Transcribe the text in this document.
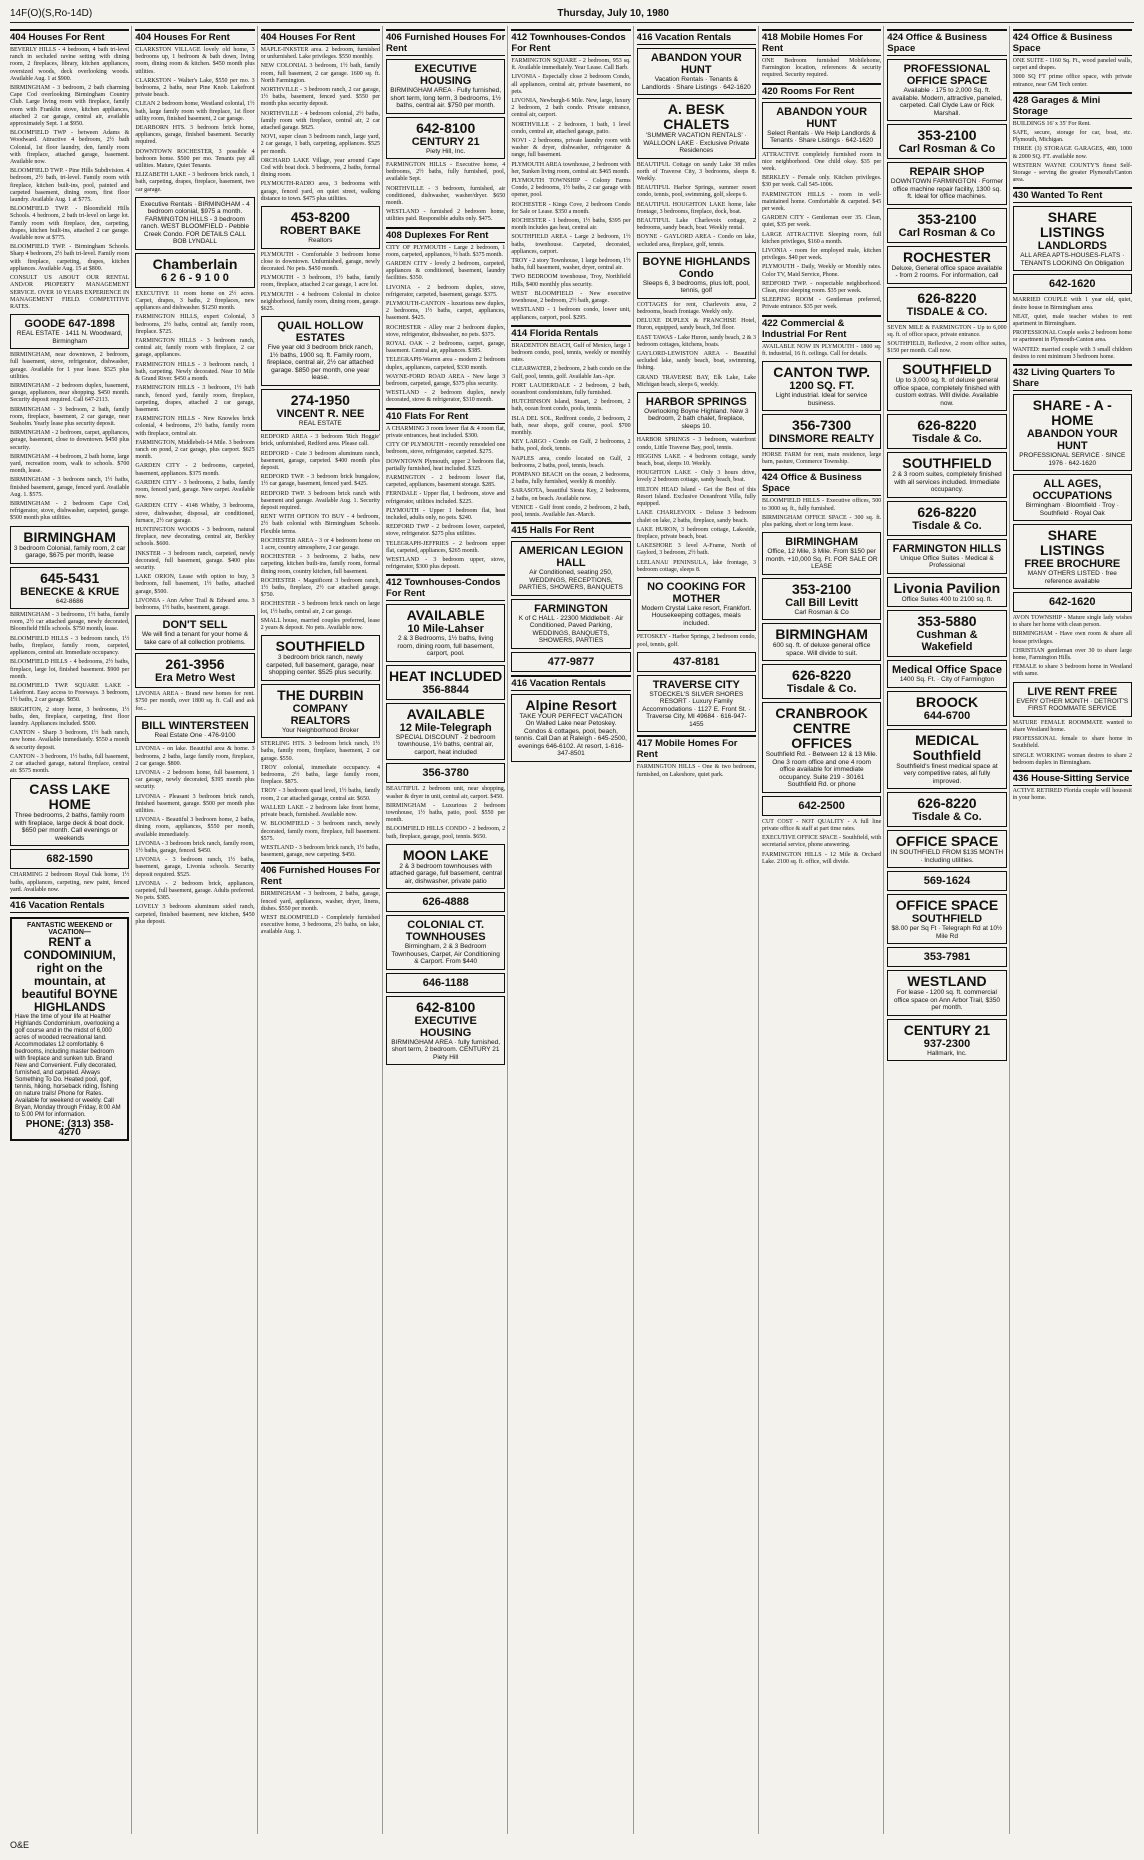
14F(O)(S,Ro-14D)	Thursday, July 10, 1980
404 Houses For Rent
BEVERLY HILLS - 4 bedroom, 4 bath tri-level ranch in secluded ravine setting with dining room, 2 fireplaces, library, kitchen appliances, oversized woods, deck overlooking woods. Available Aug. 1 at $900.
BIRMINGHAM - 3 bedroom, 2 bath charming Cape Cod overlooking Birmingham Country Club. Large living room with fireplace, family room with Franklin stove, kitchen appliances, attached 2 car garage, central air, available approximately Sept. 1 at $950.
BLOOMFIELD TWP - between Adams & Woodward. Attractive 4 bedroom, 2½ bath Colonial, 1st floor laundry, den, family room with fireplace, attached garage, basement. Available now.
BLOOMFIELD TWP. - Pine Hills Subdivision. 4 bedroom, 2½ bath, tri-level. Family room with fireplace, kitchen built-ins, pool, painted and carpeted basement, dining room, first floor laundry. Available Aug. 1 at $775.
BLOOMFIELD TWP. - Bloomfield Hills Schools. 4 bedroom, 2 bath tri-level on large lot. Family room with fireplace, den, carpeting, drapes, kitchen built-ins, attached 2 car garage. Available now at $775.
BLOOMFIELD TWP. - Birmingham Schools. Sharp 4 bedroom, 2½ bath tri-level. Family room with fireplace, carpeting, drapes, kitchen appliances. Available Aug. 15 at $800.
CONSULT US ABOUT OUR RENTAL AND/OR PROPERTY MANAGEMENT SERVICE. OVER 10 YEARS EXPERIENCE IN MANAGEMENT FIELD. COMPETITIVE RATES.
GOODE 647-1898
REAL ESTATE · 1411 N. Woodward, Birmingham
BIRMINGHAM, near downtown, 2 bedroom, full basement, stove, refrigerator, dishwasher, garage. Available for 1 year lease. $525 plus utilities.
BIRMINGHAM - 2 bedroom duplex, basement, garage, appliances, near shopping. $450 month. Security deposit required. Call 647-2113.
BIRMINGHAM - 3 bedroom, 2 bath, family room, fireplace, basement, 2 car garage, near Seaholm. Yearly lease plus security deposit.
BIRMINGHAM - 2 bedroom, carpet, appliances, garage, basement, close to downtown. $450 plus security.
BIRMINGHAM - 4 bedroom, 2 bath home, large yard, recreation room, walk to schools. $700 month, lease.
BIRMINGHAM - 3 bedroom ranch, 1½ baths, finished basement, garage, fenced yard. Available Aug. 1. $575.
BIRMINGHAM - 2 bedroom Cape Cod, refrigerator, stove, dishwasher, carpeted, garage. $500 month plus utilities.
BIRMINGHAM
3 bedroom Colonial, family room, 2 car garage, $675 per month, lease
645-5431
BENECKE & KRUE
642-8686
BIRMINGHAM - 3 bedrooms, 1½ baths, family room, 2½ car attached garage, newly decorated, Bloomfield Hills schools. $750 month, lease.
BLOOMFIELD HILLS - 3 bedroom ranch, 1½ baths, fireplace, family room, carpeted, appliances, central air. Immediate occupancy.
BLOOMFIELD HILLS - 4 bedrooms, 2½ baths, fireplace, large lot, finished basement. $900 per month.
BLOOMFIELD TWP. SQUARE LAKE - Lakefront. Easy access to Freeways. 3 bedroom, 1½ baths, 2 car garage. $850.
BRIGHTON, 2 story home, 3 bedrooms, 1½ baths, den, fireplace, carpeting, first floor laundry. Appliances included. $500.
CANTON - Sharp 3 bedroom, 1½ bath ranch, new home. Available immediately. $550 a month & security deposit.
CANTON - 3 bedroom, 1½ baths, full basement, 2 car attached garage, natural fireplace, central air. $575 month.
CASS LAKE HOME
Three bedrooms, 2 baths, family room with fireplace, large deck & boat dock. $650 per month. Call evenings or weekends
682-1590
CHARMING 2 bedroom Royal Oak home, 1½ baths, appliances, carpeting, new paint, fenced yard. Available now.
416 Vacation Rentals
FANTASTIC WEEKEND or VACATION—
RENT a CONDOMINIUM, right on the mountain, at beautiful BOYNE HIGHLANDS
Have the time of your life at Heather Highlands Condominium, overlooking a golf course and in the midst of 6,000 acres of wooded recreational land. Accommodates 12 comfortably. 6 bedrooms, including master bedroom with fireplace and sunken tub. Brand New and Convenient. Fully decorated, furnished, and carpeted. Always Something To Do. Heated pool, golf, tennis, hiking, horseback riding, fishing on nature trails! Phone for Rates. Available for weekend or weekly. Call Bryan, Monday through Friday, 8:00 AM to 5:00 PM for information.
PHONE: (313) 358-4270
404 Houses For Rent
CLARKSTON VILLAGE lovely old home, 3 bedrooms up, 1 bedroom & bath down, living room, dining room & kitchen. $450 month plus utilities.
CLARKSTON - Walter's Lake, $550 per mo. 3 bedrooms, 2 baths, near Pine Knob. Lakefront private beach.
CLEAN 2 bedroom home, Westland colonial, 1½ bath, large family room with fireplace, 1st floor utility room, finished basement, 2 car garage.
DEARBORN HTS. 3 bedroom brick home, appliances, garage, finished basement. Security required.
DOWNTOWN ROCHESTER, 3 possible 4 bedroom home. $500 per mo. Tenants pay all utilities. Mature, Quiet Tenants.
ELIZABETH LAKE - 3 bedroom brick ranch, 1 bath, carpeting, drapes, fireplace, basement, two car garage.
Executive Rentals · BIRMINGHAM - 4 bedroom colonial, $975 a month. FARMINGTON HILLS - 3 bedroom ranch. WEST BLOOMFIELD - Pebble Creek Condo. FOR DETAILS CALL BOB LYNDALL
Chamberlain
6 2 6 - 9 1 0 0
EXECUTIVE 11 room home on 2½ acres. Carpet, drapes, 3 baths, 2 fireplaces, new appliances and dishwasher. $1250 month.
FARMINGTON HILLS, expert Colonial, 3 bedrooms, 2½ baths, central air, family room, fireplace. $725.
FARMINGTON HILLS - 3 bedroom ranch, central air, family room with fireplace, 2 car garage, appliances.
FARMINGTON HILLS - 3 bedroom ranch, 1 bath, carpeting. Newly decorated. Near 10 Mile & Grand River. $450 a month.
FARMINGTON HILLS - 3 bedroom, 1½ bath ranch, fenced yard, family room, fireplace, carpeting, drapes, attached 2 car garage, basement.
FARMINGTON HILLS - New Knowles brick colonial, 4 bedrooms, 2½ baths, family room with fireplace, central air.
FARMINGTON, Middlebelt-14 Mile. 3 bedroom ranch on pond, 2 car garage, plus carport. $625 month.
GARDEN CITY - 2 bedrooms, carpeted, basement, appliances. $375 month.
GARDEN CITY - 3 bedrooms, 2 baths, family room, fenced yard, garage. New carpet. Available now.
GARDEN CITY - 4148 Whitby, 3 bedrooms, stove, dishwasher, disposal, air conditioned, furnace, 2½ car garage.
HUNTINGTON WOODS - 3 bedroom, natural fireplace, new decorating, central air, Berkley schools. $600.
INKSTER - 3 bedroom ranch, carpeted, newly decorated, full basement, garage. $400 plus security.
LAKE ORION, Lease with option to buy, 3 bedroom, full basement, 1½ baths, attached garage, $500.
LIVONIA - Ann Arbor Trail & Edward area. 3 bedrooms, 1½ baths, basement, garage.
DON'T SELL
We will find a tenant for your home & take care of all collection problems.
261-3956
Era Metro West
LIVONIA AREA - Brand new homes for rent. $750 per month, over 1800 sq. ft. Call and ask for...
BILL WINTERSTEEN
Real Estate One · 476-9100
LIVONIA - on lake. Beautiful area & home. 3 bedrooms, 2 baths, large family room, fireplace, 2 car garage. $800.
LIVONIA - 2 bedroom home, full basement, 1 car garage, newly decorated, $395 month plus security.
LIVONIA - Pleasant 3 bedroom brick ranch, finished basement, garage. $500 per month plus utilities.
LIVONIA - Beautiful 3 bedroom home, 2 baths, dining room, appliances, $550 per month, available immediately.
LIVONIA - 3 bedroom brick ranch, family room, 1½ baths, garage, fenced. $450.
LIVONIA - 3 bedroom ranch, 1½ baths, basement, garage, Livonia schools. Security deposit required. $525.
LIVONIA - 2 bedroom brick, appliances, carpeted, full basement, garage. Adults preferred. No pets. $385.
LOVELY 3 bedroom aluminum sided ranch, carpeted, finished basement, new kitchen, $450 plus deposit.
404 Houses For Rent
MAPLE-INKSTER area. 2 bedroom, furnished or unfurnished. Lake privileges. $550 monthly.
NEW COLONIAL 3 bedroom, 1½ bath, family room, full basement, 2 car garage. 1600 sq. ft. North Farmington.
NORTHVILLE - 3 bedroom ranch, 2 car garage, 1½ baths, basement, fenced yard. $550 per month plus security deposit.
NORTHVILLE - 4 bedroom colonial, 2½ baths, family room with fireplace, central air, 2 car attached garage. $825.
NOVI, super clean 3 bedroom ranch, large yard, 2 car garage, 1 bath, carpeting, appliances. $525 per month.
ORCHARD LAKE Village, year around Cape Cod with boat dock. 3 bedrooms, 2 baths, formal dining room.
PLYMOUTH-RADIO area, 3 bedrooms with garage, fenced yard, on quiet street, walking distance to town. $475 plus utilities.
453-8200
ROBERT BAKE
Realtors
PLYMOUTH - Comfortable 3 bedroom home close to downtown. Unfurnished, garage, newly decorated. No pets. $450 month.
PLYMOUTH - 3 bedroom, 1½ baths, family room, fireplace, attached 2 car garage, 1 acre lot.
PLYMOUTH - 4 bedroom Colonial in choice neighborhood, family room, dining room, garage. $625.
QUAIL HOLLOW ESTATES
Five year old 3 bedroom brick ranch, 1½ baths, 1900 sq. ft. Family room, fireplace, central air, 2½ car attached garage. $850 per month, one year lease.
274-1950
VINCENT R. NEE
REAL ESTATE
REDFORD AREA - 3 bedroom 'Rich Hoggie' brick, unfurnished, Redford area. Please call.
REDFORD - Cute 3 bedroom aluminum ranch, basement, garage, carpeted. $400 month plus deposit.
REDFORD TWP. - 3 bedroom brick bungalow, 1½ car garage, basement, fenced yard. $425.
REDFORD TWP. 3 bedroom brick ranch with basement and garage. Available Aug. 1. Security deposit required.
RENT WITH OPTION TO BUY - 4 bedroom, 2½ bath colonial with Birmingham Schools. Flexible terms.
ROCHESTER AREA - 3 or 4 bedroom home on 1 acre, country atmosphere, 2 car garage.
ROCHESTER - 3 bedrooms, 2 baths, new carpeting, kitchen built-ins, family room, formal dining room, country kitchen, full basement.
ROCHESTER - Magnificent 3 bedroom ranch, 1½ baths, fireplace, 2½ car attached garage. $750.
ROCHESTER - 3 bedroom brick ranch on large lot, 1½ baths, central air, 2 car garage.
SMALL house, married couples preferred, lease 2 years & deposit. No pets. Available now.
SOUTHFIELD
3 bedroom brick ranch, newly carpeted, full basement, garage, near shopping center. $525 plus security.
THE DURBIN
COMPANY REALTORS
Your Neighborhood Broker
STERLING HTS. 3 bedroom brick ranch, 1½ baths, family room, fireplace, basement, 2 car garage. $550.
TROY colonial, immediate occupancy. 4 bedrooms, 2½ baths, large family room, fireplace. $875.
TROY - 3 bedroom quad level, 1½ baths, family room, 2 car attached garage, central air. $650.
WALLED LAKE - 2 bedroom lake front home, private beach, furnished. Available now.
W. BLOOMFIELD - 3 bedroom ranch, newly decorated, family room, fireplace, full basement. $575.
WESTLAND - 3 bedroom brick ranch, 1½ baths, basement, garage, new carpeting. $450.
406 Furnished Houses For Rent
BIRMINGHAM - 3 bedroom, 2 baths, garage, fenced yard, appliances, washer, dryer, linens, dishes. $550 per month.
WEST BLOOMFIELD - Completely furnished executive home, 3 bedrooms, 2½ baths, on lake, available Aug. 1.
406 Furnished Houses For Rent
EXECUTIVE HOUSING
BIRMINGHAM AREA · Fully furnished, short term, long term, 3 bedrooms, 1½ baths, central air. $750 per month.
642-8100
CENTURY 21
Piety Hill, Inc.
FARMINGTON HILLS - Executive home, 4 bedrooms, 2½ baths, fully furnished, pool, available Sept.
NORTHVILLE - 3 bedroom, furnished, air conditioned, dishwasher, washer/dryer. $650 month.
WESTLAND - furnished 2 bedroom home, utilities paid. Responsible adults only. $475.
408 Duplexes For Rent
CITY OF PLYMOUTH - Large 2 bedroom, 1 room, carpeted, appliances, ½ bath. $375 month.
GARDEN CITY - lovely 2 bedroom, carpeted, appliances & conditioned, basement, laundry facilities. $350.
LIVONIA - 2 bedroom duplex, stove, refrigerator, carpeted, basement, garage. $375.
PLYMOUTH-CANTON - luxurious new duplex, 2 bedrooms, 1½ baths, carpet, appliances, basement. $425.
ROCHESTER - Alley rear 2 bedroom duplex, stove, refrigerator, dishwasher, no pets. $375.
ROYAL OAK - 2 bedrooms, carpet, garage, basement. Central air, appliances. $385.
TELEGRAPH-Warren area - modern 2 bedroom duplex, appliances, carpeted, $330 month.
WAYNE-FORD ROAD AREA - New large 3 bedroom, carpeted, garage, $375 plus security.
WESTLAND - 2 bedroom duplex, newly decorated, stove & refrigerator, $310 month.
410 Flats For Rent
A CHARMING 3 room lower flat & 4 room flat, private entrances, heat included. $300.
CITY OF PLYMOUTH - recently remodeled one bedroom, stove, refrigerator, carpeted. $275.
DOWNTOWN Plymouth, upper 2 bedroom flat, partially furnished, heat included. $325.
FARMINGTON - 2 bedroom lower flat, carpeted, appliances, basement storage. $285.
FERNDALE - Upper flat, 1 bedroom, stove and refrigerator, utilities included. $225.
PLYMOUTH - Upper 1 bedroom flat, heat included, adults only, no pets. $240.
REDFORD TWP - 2 bedroom lower, carpeted, stove, refrigerator. $275 plus utilities.
TELEGRAPH-JEFFRIES - 2 bedroom upper flat, carpeted, appliances, $265 month.
WESTLAND - 3 bedroom upper, stove, refrigerator, $300 plus deposit.
412 Townhouses-Condos For Rent
AVAILABLE
10 Mile-Lahser
2 & 3 Bedrooms, 1½ baths, living room, dining room, full basement, carport, pool.
HEAT INCLUDED
356-8844
AVAILABLE
12 Mile-Telegraph
SPECIAL DISCOUNT · 2 bedroom townhouse, 1½ baths, central air, carport, heat included
356-3780
BEAUTIFUL 2 bedroom unit, near shopping, washer & dryer in unit, central air, carport. $450.
BIRMINGHAM - Luxurious 2 bedroom townhouse, 1½ baths, patio, pool. $550 per month.
BLOOMFIELD HILLS CONDO - 2 bedroom, 2 bath, fireplace, garage, pool, tennis. $650.
MOON LAKE
2 & 3 bedroom townhouses with attached garage, full basement, central air, dishwasher, private patio
626-4888
COLONIAL CT. TOWNHOUSES
Birmingham, 2 & 3 Bedroom Townhouses, Carpet, Air Conditioning & Carport. From $440
646-1188
642-8100
EXECUTIVE HOUSING
BIRMINGHAM AREA · fully furnished, short term, 2 bedroom. CENTURY 21 Piety Hill
412 Townhouses-Condos For Rent
FARMINGTON SQUARE - 2 bedroom, 953 sq. ft. Available immediately. Year Lease. Call Barb.
LIVONIA - Especially close 2 bedroom Condo, all appliances, central air, private basement, no pets.
LIVONIA, Newburgh-6 Mile. New, large, luxury 2 bedroom, 2 bath condo. Private entrance, central air, carport.
NORTHVILLE - 2 bedroom, 1 bath, 1 level condo, central air, attached garage, patio.
NOVI - 2 bedrooms, private laundry room with washer & dryer, dishwasher, refrigerator & range, full basement.
PLYMOUTH AREA townhouse, 2 bedroom with her, Sunken living room, central air. $465 month.
PLYMOUTH TOWNSHIP - Colony Farms Condo, 2 bedrooms, 1½ baths, 2 car garage with opener, pool.
ROCHESTER - Kings Cove, 2 bedroom Condo for Sale or Lease. $350 a month.
ROCHESTER - 1 bedroom, 1½ baths, $395 per month includes gas heat, central air.
SOUTHFIELD AREA - Large 2 bedroom, 1½ baths, townhouse. Carpeted, decorated, appliances, carport.
TROY - 2 story Townhouse, 1 large bedroom, 1½ baths, full basement, washer, dryer, central air.
TWO BEDROOM townhouse, Troy, Northfield Hills, $400 monthly plus security.
WEST BLOOMFIELD - New executive townhouse, 2 bedroom, 2½ bath, garage.
WESTLAND - 1 bedroom condo, lower unit, appliances, carport, pool. $295.
414 Florida Rentals
BRADENTON BEACH, Gulf of Mexico, large 1 bedroom condo, pool, tennis, weekly or monthly rates.
CLEARWATER, 2 bedroom, 2 bath condo on the Gulf, pool, tennis, golf. Available Jan.-Apr.
FORT LAUDERDALE - 2 bedroom, 2 bath, oceanfront condominium, fully furnished.
HUTCHINSON Island, Stuart, 2 bedroom, 2 bath, ocean front condo, pools, tennis.
ISLA DEL SOL, Redfront condo, 2 bedroom, 2 bath, near shops, golf course, pool. $700 monthly.
KEY LARGO - Condo on Gulf, 2 bedrooms, 2 baths, pool, dock, tennis.
NAPLES area, condo located on Gulf, 2 bedrooms, 2 baths, pool, tennis, beach.
POMPANO BEACH on the ocean, 2 bedrooms, 2 baths, fully furnished, weekly & monthly.
SARASOTA, beautiful Siesta Key, 2 bedrooms, 2 baths, on beach. Available now.
VENICE - Gulf front condo, 2 bedroom, 2 bath, pool, tennis. Available Jan.-March.
415 Halls For Rent
AMERICAN LEGION HALL
Air Conditioned, seating 250, WEDDINGS, RECEPTIONS, PARTIES, SHOWERS, BANQUETS
FARMINGTON
K of C HALL · 22300 Middlebelt · Air Conditioned, Paved Parking, WEDDINGS, BANQUETS, SHOWERS, PARTIES
477-9877
416 Vacation Rentals
Alpine Resort
TAKE YOUR PERFECT VACATION On Walled Lake near Petoskey. Condos & cottages, pool, beach, tennis. Call Dan at Raleigh - 645-2500, evenings 646-6102. At resort, 1-616-347-8501
416 Vacation Rentals
ABANDON YOUR HUNT
Vacation Rentals · Tenants & Landlords · Share Listings · 642-1620
A. BESK CHALETS
'SUMMER VACATION RENTALS' · WALLOON LAKE · Exclusive Private Residences
BEAUTIFUL Cottage on sandy Lake 38 miles north of Traverse City, 3 bedrooms, sleeps 8. Weekly.
BEAUTIFUL Harbor Springs, summer resort condo, tennis, pool, swimming, golf, sleeps 6.
BEAUTIFUL HOUGHTON LAKE home, lake frontage, 3 bedrooms, fireplace, dock, boat.
BEAUTIFUL Lake Charlevoix cottage, 2 bedrooms, sandy beach, boat. Weekly rental.
BOYNE - GAYLORD AREA - Condo on lake, secluded area, fireplace, golf, tennis.
BOYNE HIGHLANDS Condo
Sleeps 6, 3 bedrooms, plus loft, pool, tennis, golf
COTTAGES for rent, Charlevoix area, 2 bedrooms, beach frontage. Weekly only.
DELUXE DUPLEX & FRANCHISE Hotel, Huron, equipped, sandy beach, 3rd floor.
EAST TAWAS - Lake Huron, sandy beach, 2 & 3 bedroom cottages, kitchens, boats.
GAYLORD-LEWISTON AREA - Beautiful secluded lake, sandy beach, boat, swimming, fishing.
GRAND TRAVERSE BAY, Elk Lake, Lake Michigan beach, sleeps 6, weekly.
HARBOR SPRINGS
Overlooking Boyne Highland. New 3 bedroom, 2 bath chalet, fireplace, sleeps 10.
HARBOR SPRINGS - 3 bedroom, waterfront condo, Little Traverse Bay, pool, tennis.
HIGGINS LAKE - 4 bedroom cottage, sandy beach, boat, sleeps 10. Weekly.
HOUGHTON LAKE - Only 3 hours drive, lovely 2 bedroom cottage, sandy beach, boat.
HILTON HEAD Island - Get the Best of this Resort Island. Exclusive Oceanfront Villa, fully equipped.
LAKE CHARLEVOIX - Deluxe 3 bedroom chalet on lake, 2 baths, fireplace, sandy beach.
LAKE HURON, 3 bedroom cottage, Lakeside, fireplace, private beach, boat.
LAKESHORE 3 level A-Frame, North of Gaylord, 3 bedroom, 2½ bath.
LEELANAU PENINSULA, lake frontage, 3 bedroom cottage, sleeps 8.
NO COOKING FOR MOTHER
Modern Crystal Lake resort, Frankfort. Housekeeping cottages, meals included.
PETOSKEY - Harbor Springs, 2 bedroom condo, pool, tennis, golf.
437-8181
TRAVERSE CITY
STOECKEL'S SILVER SHORES RESORT · Luxury Family Accommodations · 1127 E. Front St. · Traverse City, MI 49684 · 616-947-1455
417 Mobile Homes For Rent
FARMINGTON HILLS - One & two bedroom, furnished, on Lakeshore, quiet park.
418 Mobile Homes For Rent
ONE Bedroom furnished Mobilehome, Farmington location, references & security required. Security required.
420 Rooms For Rent
ABANDON YOUR HUNT
Select Rentals · We Help Landlords & Tenants · Share Listings · 642-1620
ATTRACTIVE completely furnished room in nice neighborhood. One child okay. $35 per week.
BERKLEY - Female only. Kitchen privileges. $30 per week. Call 545-1006.
FARMINGTON HILLS - room in well-maintained home. Comfortable & carpeted. $45 per week.
GARDEN CITY - Gentleman over 35. Clean, quiet, $35 per week.
LARGE ATTRACTIVE Sleeping room, full kitchen privileges, $160 a month.
LIVONIA - room for employed male, kitchen privileges. $40 per week.
PLYMOUTH - Daily, Weekly or Monthly rates. Color TV, Maid Service, Phone.
REDFORD TWP. - respectable neighborhood. Clean, nice sleeping room. $35 per week.
SLEEPING ROOM - Gentleman preferred, Private entrance. $35 per week.
422 Commercial & Industrial For Rent
AVAILABLE NOW IN PLYMOUTH - 1800 sq. ft. industrial, 16 ft. ceilings. Call for details.
CANTON TWP.
1200 SQ. FT.
Light industrial. Ideal for service business.
356-7300
DINSMORE REALTY
HORSE FARM for rent, main residence, large barn, pasture, Commerce Township.
424 Office & Business Space
BLOOMFIELD HILLS - Executive offices, 500 to 3000 sq. ft., fully furnished.
BIRMINGHAM OFFICE SPACE - 300 sq. ft. plus parking, short or long term lease.
BIRMINGHAM
Office, 12 Mile, 3 Mile. From $150 per month. +10,000 Sq. Ft. FOR SALE OR LEASE
353-2100
Call Bill Levitt
Carl Rosman & Co
BIRMINGHAM
600 sq. ft. of deluxe general office space. Will divide to suit.
626-8220
Tisdale & Co.
CRANBROOK CENTRE OFFICES
Southfield Rd. - Between 12 & 13 Mile. One 3 room office and one 4 room office available for immediate occupancy. Suite 219 - 30161 Southfield Rd. or phone
642-2500
CUT COST - NOT QUALITY - A full line private office & staff at part time rates.
EXECUTIVE OFFICE SPACE - Southfield, with secretarial service, phone answering.
FARMINGTON HILLS - 12 Mile & Orchard Lake. 2100 sq. ft. office, will divide.
424 Office & Business Space
PROFESSIONAL OFFICE SPACE
Available · 175 to 2,000 Sq. ft. available. Modern, attractive, paneled, carpeted. Call Clyde Law or Rick Marshall.
353-2100
Carl Rosman & Co
REPAIR SHOP
DOWNTOWN FARMINGTON · Former office machine repair facility, 1300 sq. ft. Ideal for office machines.
353-2100
Carl Rosman & Co
ROCHESTER
Deluxe, General office space available - from 2 rooms. For information, call
626-8220
TISDALE & CO.
SEVEN MILE & FARMINGTON - Up to 6,000 sq. ft. of office space, private entrance.
SOUTHFIELD, Reflexive, 2 room office suites, $150 per month. Call now.
SOUTHFIELD
Up to 3,000 sq. ft. of deluxe general office space, completely finished with custom extras. Will divide. Available now.
626-8220
Tisdale & Co.
SOUTHFIELD
2 & 3 room suites, completely finished with all services included. Immediate occupancy.
626-8220
Tisdale & Co.
FARMINGTON HILLS
Unique Office Suites · Medical & Professional
Livonia Pavilion
Office Suites 400 to 2100 sq. ft.
353-5880
Cushman & Wakefield
Medical Office Space
1400 Sq. Ft. · City of Farmington
BROOCK
644-6700
MEDICAL Southfield
Southfield's finest medical space at very competitive rates, all fully improved.
626-8220
Tisdale & Co.
OFFICE SPACE
IN SOUTHFIELD FROM $135 MONTH · Including utilities.
569-1624
OFFICE SPACE
SOUTHFIELD
$8.00 per Sq Ft · Telegraph Rd at 10½ Mile Rd
353-7981
WESTLAND
For lease - 1200 sq. ft. commercial office space on Ann Arbor Trail, $350 per month.
CENTURY 21
937-2300
Hallmark, Inc.
424 Office & Business Space
ONE SUITE - 1160 Sq. Ft., wood paneled walls, carpet and drapes.
3000 SQ FT prime office space, with private entrance, near GM Tech center.
428 Garages & Mini Storage
BUILDINGS 16' x 35' For Rent.
SAFE, secure, storage for car, boat, etc. Plymouth, Michigan.
THREE (3) STORAGE GARAGES, 480, 1000 & 2000 SQ. FT. available now.
WESTERN WAYNE COUNTY'S finest Self-Storage - serving the greater Plymouth/Canton area.
430 Wanted To Rent
SHARE LISTINGS
LANDLORDS
ALL AREA APTS-HOUSES-FLATS · TENANTS LOOKING On Obligation
642-1620
MARRIED COUPLE with 1 year old, quiet, desire house in Birmingham area.
NEAT, quiet, male teacher wishes to rent apartment in Birmingham.
PROFESSIONAL Couple seeks 2 bedroom home or apartment in Plymouth-Canton area.
WANTED: married couple with 3 small children desires to rent minimum 3 bedroom home.
432 Living Quarters To Share
SHARE - A - HOME
ABANDON YOUR HUNT
PROFESSIONAL SERVICE · SINCE 1976 · 642-1620
ALL AGES, OCCUPATIONS
Birmingham · Bloomfield · Troy · Southfield · Royal Oak
SHARE LISTINGS
FREE BROCHURE
MANY OTHERS LISTED · free reference available
642-1620
AVON TOWNSHIP - Mature single lady wishes to share her home with clean person.
BIRMINGHAM - Have own room & share all house privileges.
CHRISTIAN gentleman over 30 to share large home, Farmington Hills.
FEMALE to share 3 bedroom home in Westland with same.
LIVE RENT FREE
EVERY OTHER MONTH · DETROIT'S FIRST ROOMMATE SERVICE
MATURE FEMALE ROOMMATE wanted to share Westland home.
PROFESSIONAL female to share home in Southfield.
SINGLE WORKING woman desires to share 2 bedroom duplex in Birmingham.
436 House-Sitting Service
ACTIVE RETIRED Florida couple will housesit in your home.
O&E
